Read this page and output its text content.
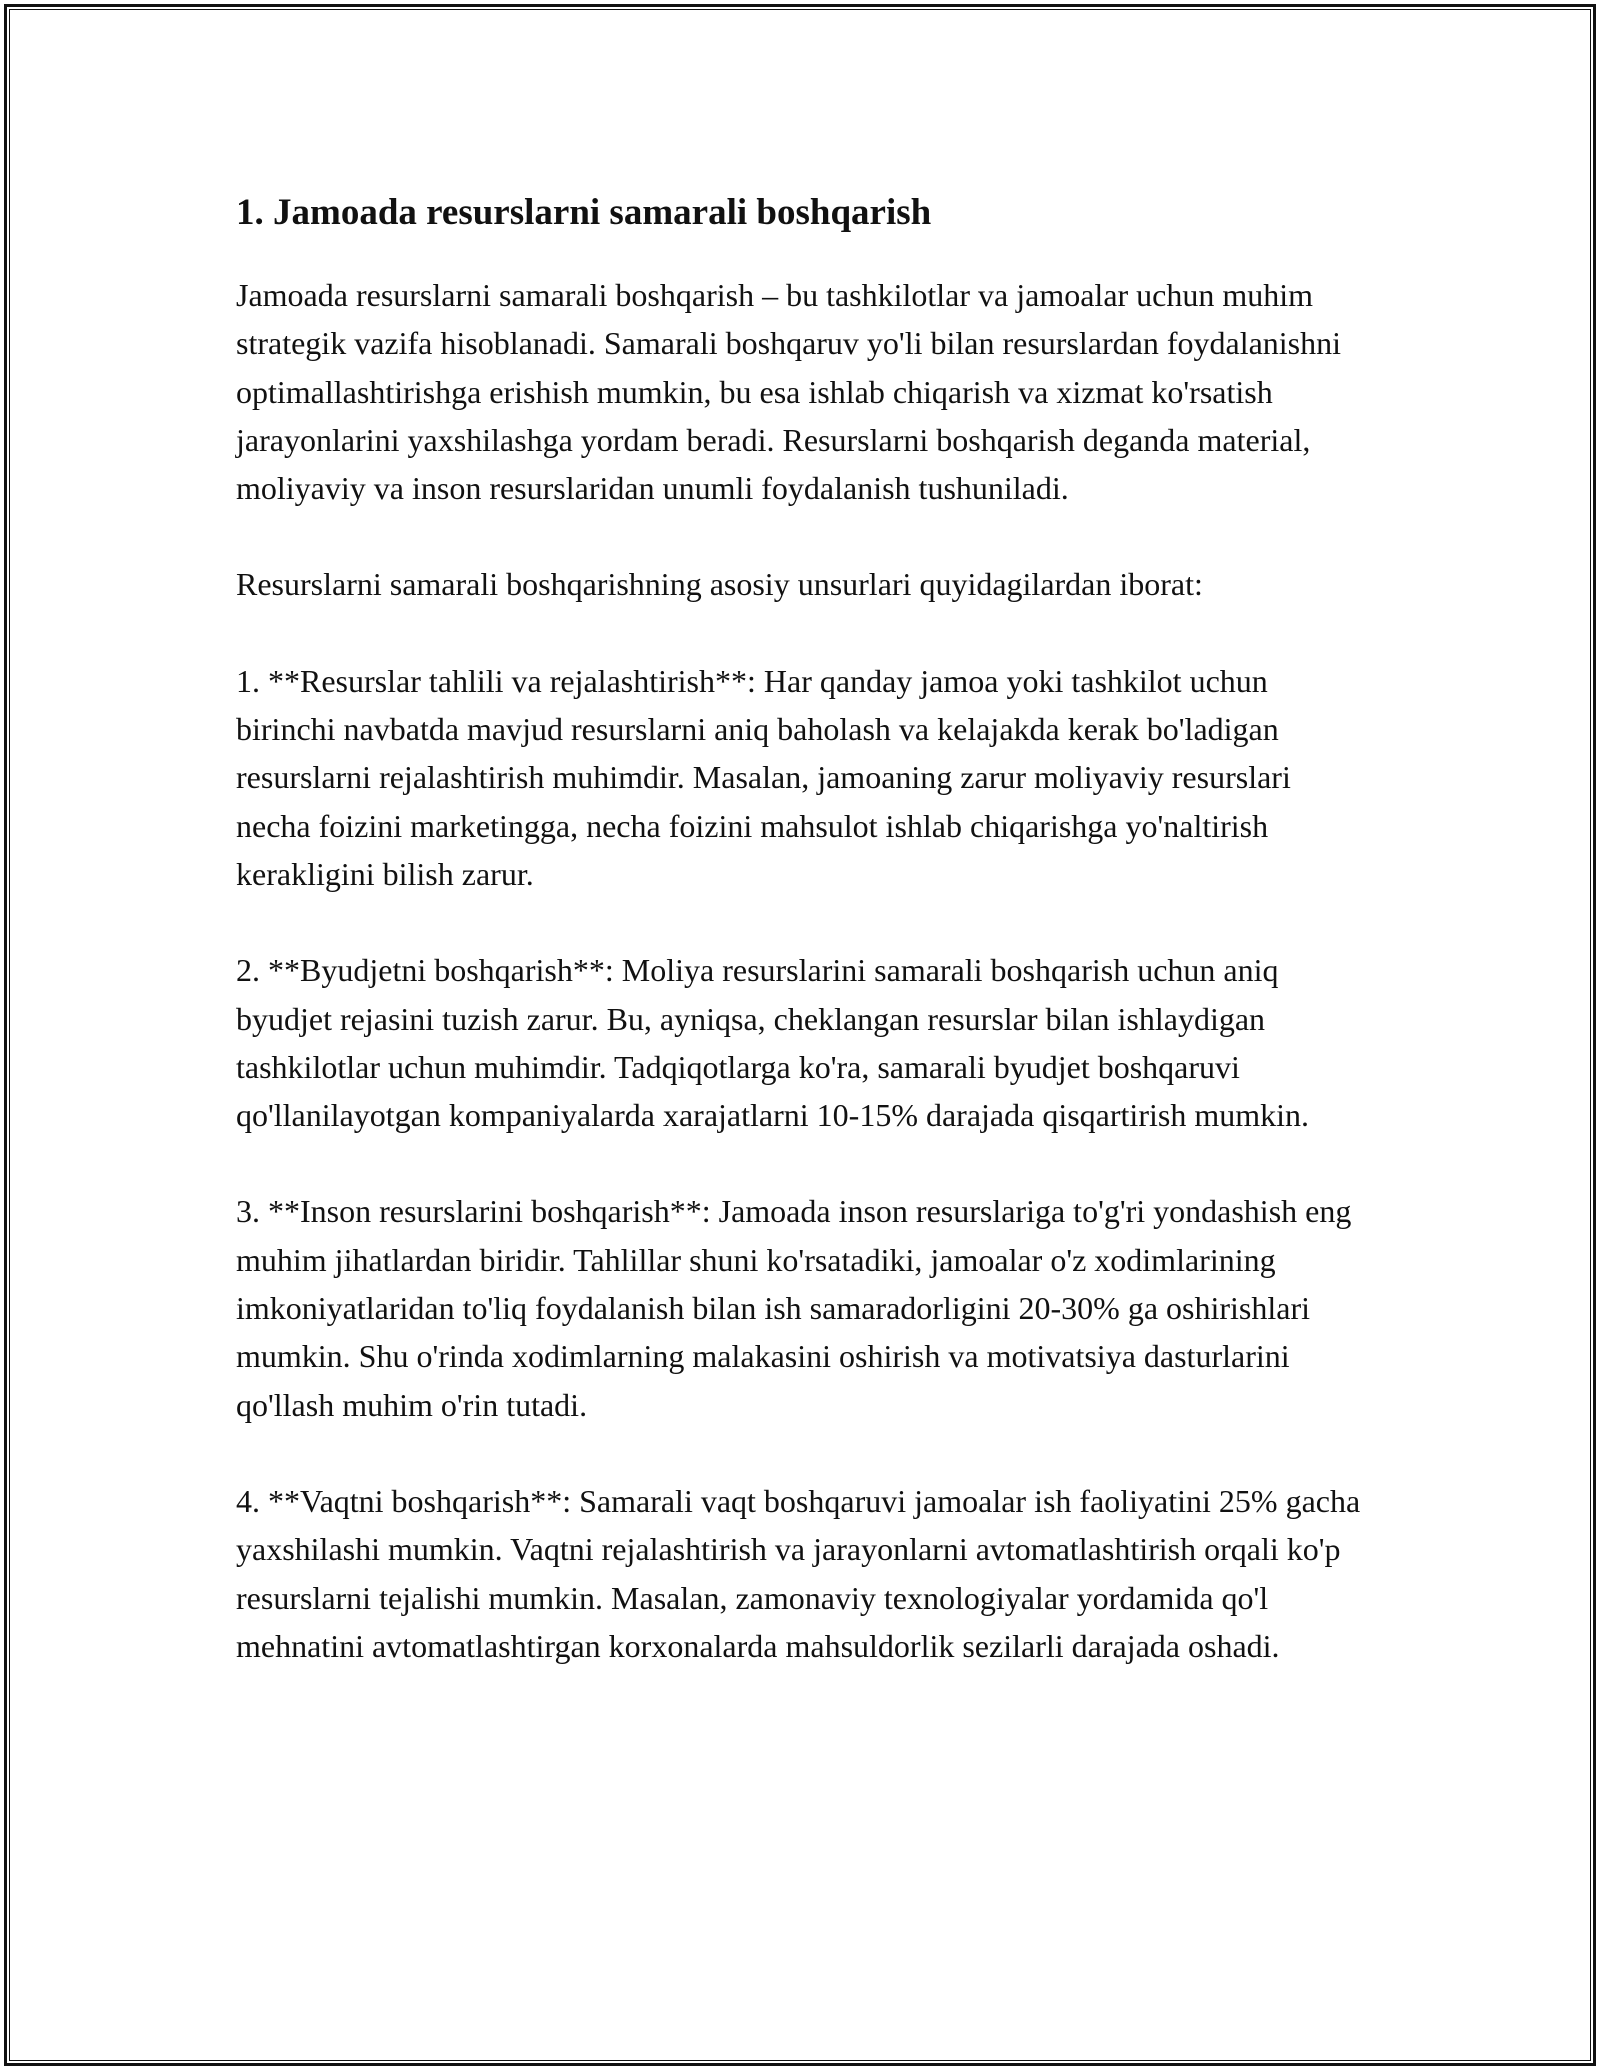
1. Jamoada resurslarni samarali boshqarish

Jamoada resurslarni samarali boshqarish – bu tashkilotlar va jamoalar uchun muhim strategik vazifa hisoblanadi. Samarali boshqaruv yo'li bilan resurslardan foydalanishni optimallashtirishga erishish mumkin, bu esa ishlab chiqarish va xizmat ko'rsatish jarayonlarini yaxshilashga yordam beradi. Resurslarni boshqarish deganda material, moliyaviy va inson resurslaridan unumli foydalanish tushuniladi.

Resurslarni samarali boshqarishning asosiy unsurlari quyidagilardan iborat:

1. **Resurslar tahlili va rejalashtirish**: Har qanday jamoa yoki tashkilot uchun birinchi navbatda mavjud resurslarni aniq baholash va kelajakda kerak bo'ladigan resurslarni rejalashtirish muhimdir. Masalan, jamoaning zarur moliyaviy resurslari necha foizini marketingga, necha foizini mahsulot ishlab chiqarishga yo'naltirish kerakligini bilish zarur.

2. **Byudjetni boshqarish**: Moliya resurslarini samarali boshqarish uchun aniq byudjet rejasini tuzish zarur. Bu, ayniqsa, cheklangan resurslar bilan ishlaydigan tashkilotlar uchun muhimdir. Tadqiqotlarga ko'ra, samarali byudjet boshqaruvi qo'llanilayotgan kompaniyalarda xarajatlarni 10-15% darajada qisqartirish mumkin.

3. **Inson resurslarini boshqarish**: Jamoada inson resurslariga to'g'ri yondashish eng muhim jihatlardan biridir. Tahlillar shuni ko'rsatadiki, jamoalar o'z xodimlarining imkoniyatlaridan to'liq foydalanish bilan ish samaradorligini 20-30% ga oshirishlari mumkin. Shu o'rinda xodimlarning malakasini oshirish va motivatsiya dasturlarini qo'llash muhim o'rin tutadi.

4. **Vaqtni boshqarish**: Samarali vaqt boshqaruvi jamoalar ish faoliyatini 25% gacha yaxshilashi mumkin. Vaqtni rejalashtirish va jarayonlarni avtomatlashtirish orqali ko'p resurslarni tejalishi mumkin. Masalan, zamonaviy texnologiyalar yordamida qo'l mehnatini avtomatlashtirgan korxonalarda mahsuldorlik sezilarli darajada oshadi.
